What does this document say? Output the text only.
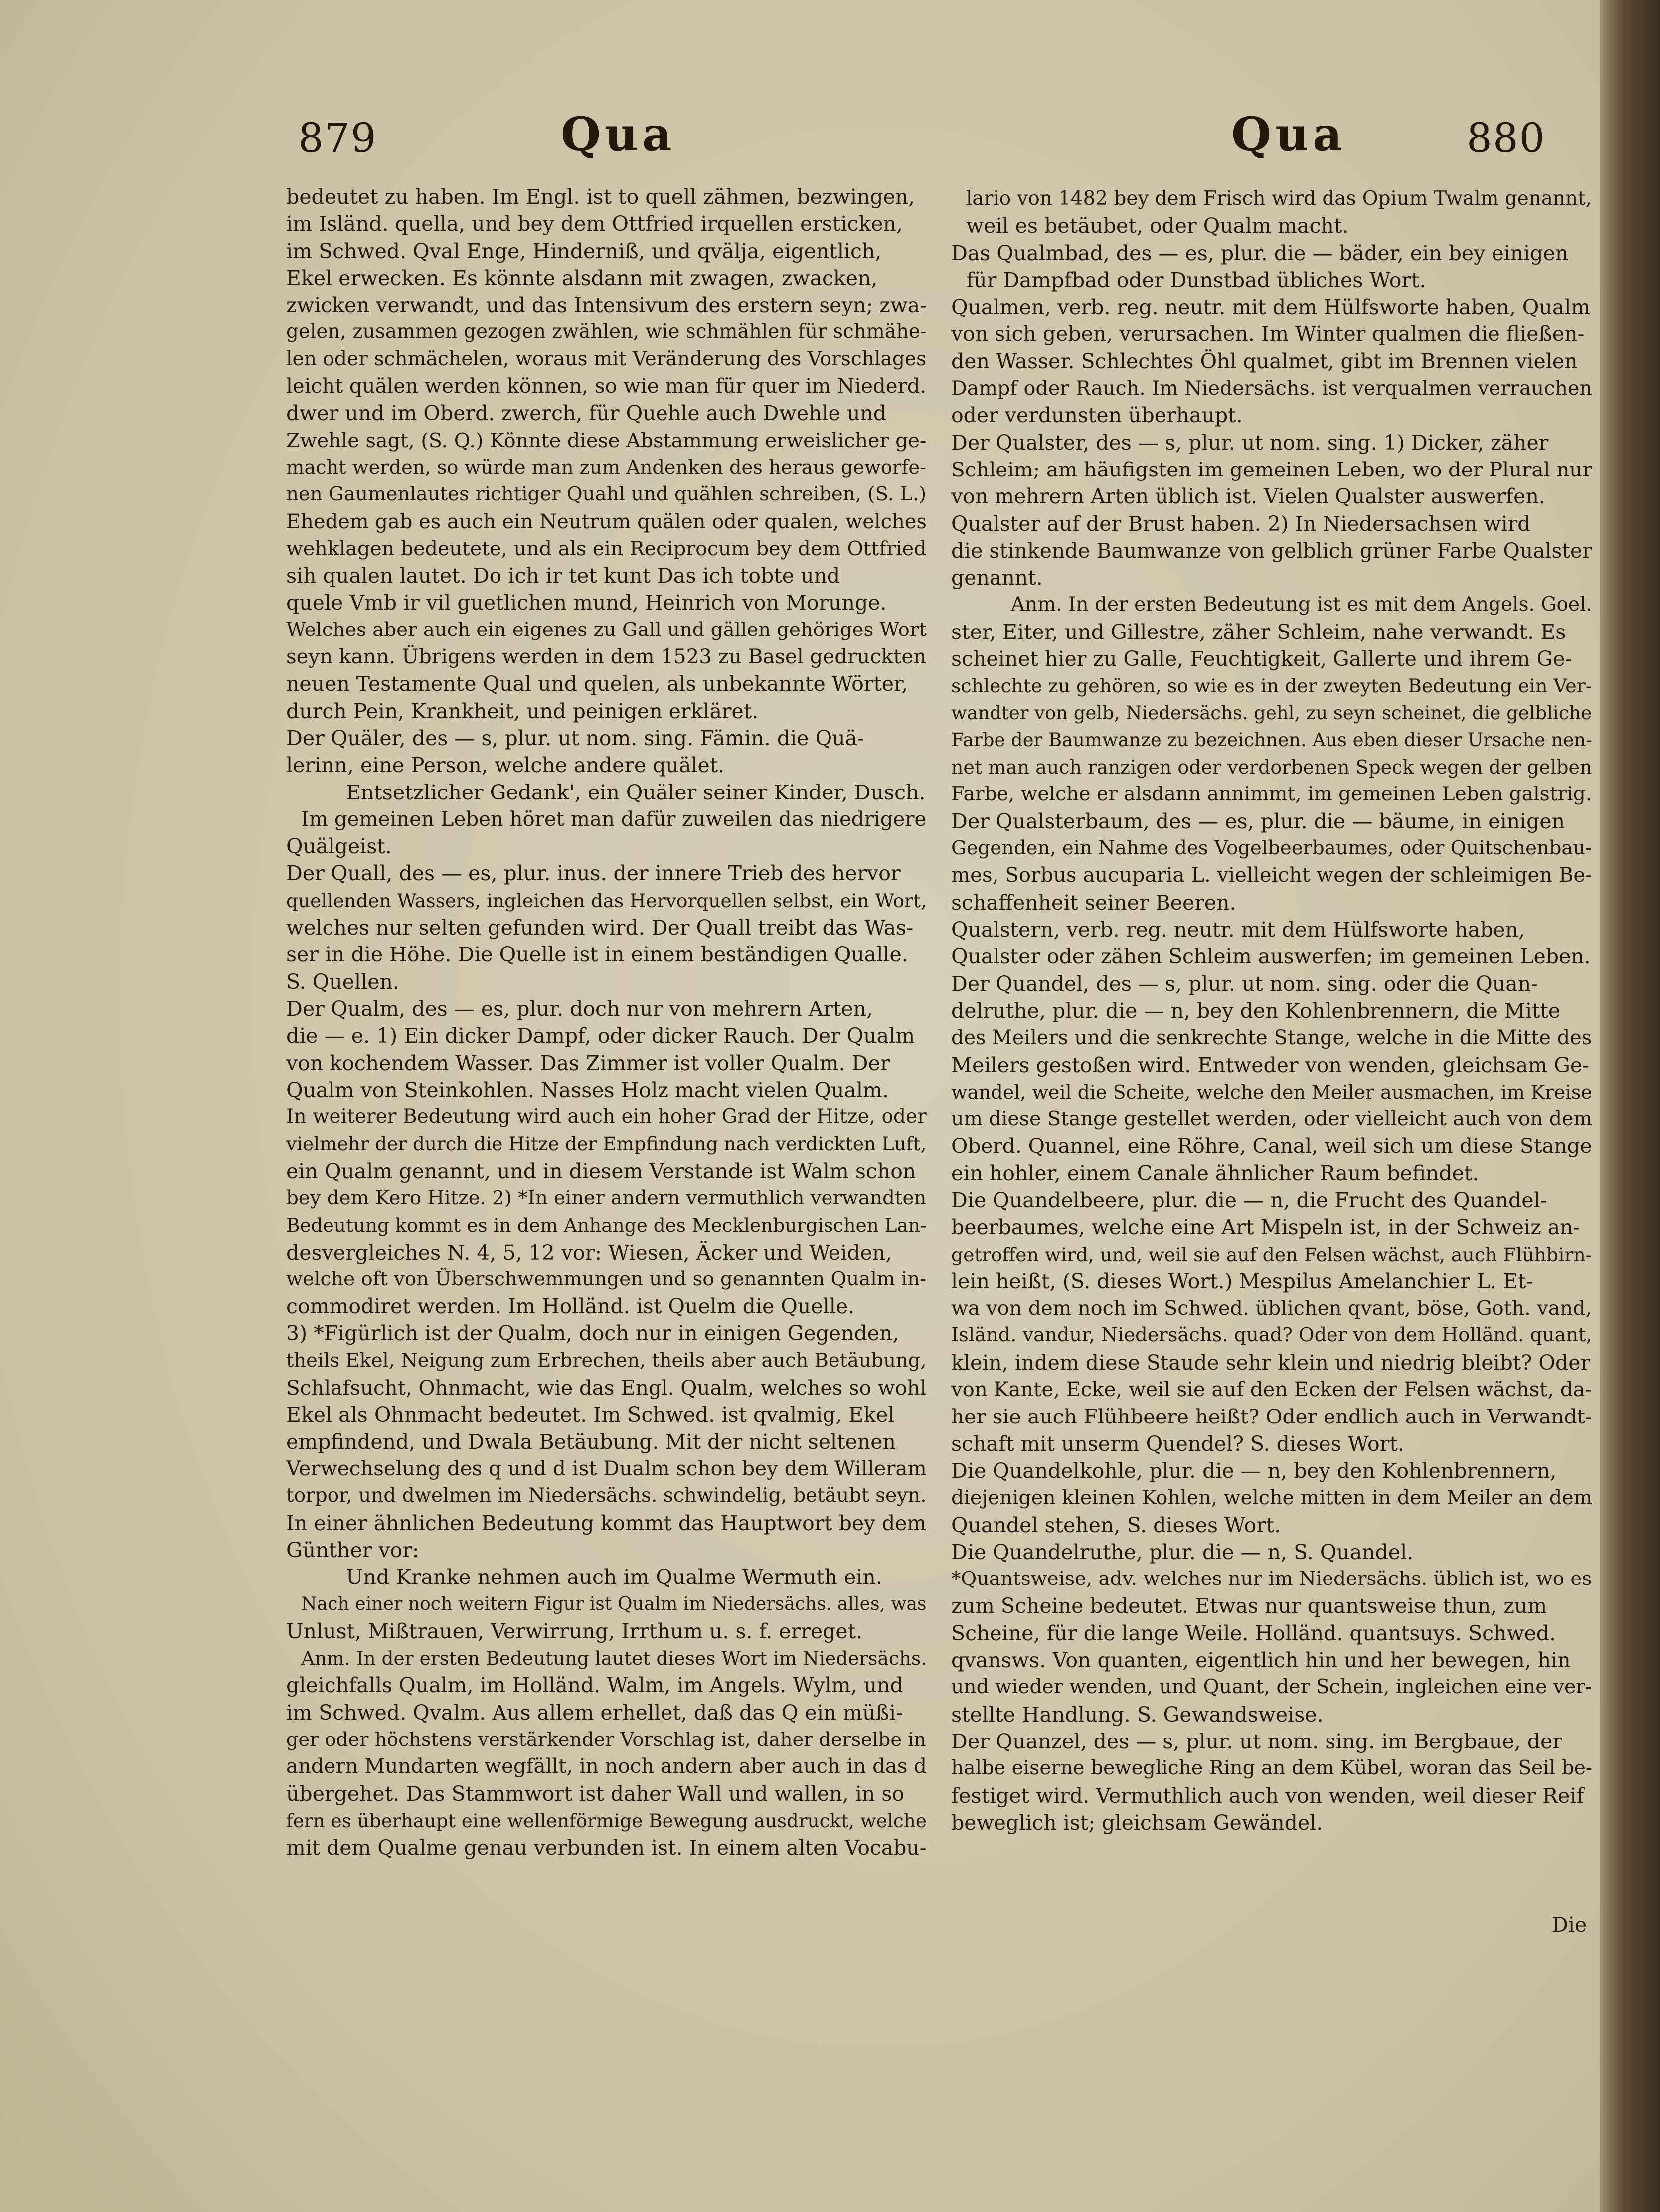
879	Qua	Qua	880

bedeutet zu haben. Im Engl. ist to quell zähmen, bezwingen,

im Isländ. quella, und bey dem Ottfried irquellen ersticken,

im Schwed. Qval Enge, Hinderniß, und qvälja, eigentlich,

Ekel erwecken. Es könnte alsdann mit zwagen, zwacken,

zwicken verwandt, und das Intensivum des erstern seyn; zwa-

gelen, zusammen gezogen zwählen, wie schmählen für schmähe-

len oder schmächelen, woraus mit Veränderung des Vorschlages

leicht quälen werden können, so wie man für quer im Niederd.

dwer und im Oberd. zwerch, für Quehle auch Dwehle und

Zwehle sagt, (S. Q.) Könnte diese Abstammung erweislicher ge-

macht werden, so würde man zum Andenken des heraus geworfe-

nen Gaumenlautes richtiger Quahl und quählen schreiben, (S. L.)

Ehedem gab es auch ein Neutrum quälen oder qualen, welches

wehklagen bedeutete, und als ein Reciprocum bey dem Ottfried

sih qualen lautet. Do ich ir tet kunt Das ich tobte und

quele Vmb ir vil guetlichen mund, Heinrich von Morunge.

Welches aber auch ein eigenes zu Gall und gällen gehöriges Wort

seyn kann. Übrigens werden in dem 1523 zu Basel gedruckten

neuen Testamente Qual und quelen, als unbekannte Wörter,

durch Pein, Krankheit, und peinigen erkläret.

Der Quäler, des — s, plur. ut nom. sing. Fämin. die Quä-

lerinn, eine Person, welche andere quälet.

Entsetzlicher Gedank', ein Quäler seiner Kinder, Dusch.

Im gemeinen Leben höret man dafür zuweilen das niedrigere

Quälgeist.

Der Quall, des — es, plur. inus. der innere Trieb des hervor

quellenden Wassers, ingleichen das Hervorquellen selbst, ein Wort,

welches nur selten gefunden wird. Der Quall treibt das Was-

ser in die Höhe. Die Quelle ist in einem beständigen Qualle.

S. Quellen.

Der Qualm, des — es, plur. doch nur von mehrern Arten,

die — e. 1) Ein dicker Dampf, oder dicker Rauch. Der Qualm

von kochendem Wasser. Das Zimmer ist voller Qualm. Der

Qualm von Steinkohlen. Nasses Holz macht vielen Qualm.

In weiterer Bedeutung wird auch ein hoher Grad der Hitze, oder

vielmehr der durch die Hitze der Empfindung nach verdickten Luft,

ein Qualm genannt, und in diesem Verstande ist Walm schon

bey dem Kero Hitze. 2) *In einer andern vermuthlich verwandten

Bedeutung kommt es in dem Anhange des Mecklenburgischen Lan-

desvergleiches N. 4, 5, 12 vor: Wiesen, Äcker und Weiden,

welche oft von Überschwemmungen und so genannten Qualm in-

commodiret werden. Im Holländ. ist Quelm die Quelle.

3) *Figürlich ist der Qualm, doch nur in einigen Gegenden,

theils Ekel, Neigung zum Erbrechen, theils aber auch Betäubung,

Schlafsucht, Ohnmacht, wie das Engl. Qualm, welches so wohl

Ekel als Ohnmacht bedeutet. Im Schwed. ist qvalmig, Ekel

empfindend, und Dwala Betäubung. Mit der nicht seltenen

Verwechselung des q und d ist Dualm schon bey dem Willeram

torpor, und dwelmen im Niedersächs. schwindelig, betäubt seyn.

In einer ähnlichen Bedeutung kommt das Hauptwort bey dem

Günther vor:

Und Kranke nehmen auch im Qualme Wermuth ein.

Nach einer noch weitern Figur ist Qualm im Niedersächs. alles, was

Unlust, Mißtrauen, Verwirrung, Irrthum u. s. f. erreget.

Anm. In der ersten Bedeutung lautet dieses Wort im Niedersächs.

gleichfalls Qualm, im Holländ. Walm, im Angels. Wylm, und

im Schwed. Qvalm. Aus allem erhellet, daß das Q ein müßi-

ger oder höchstens verstärkender Vorschlag ist, daher derselbe in

andern Mundarten wegfällt, in noch andern aber auch in das d

übergehet. Das Stammwort ist daher Wall und wallen, in so

fern es überhaupt eine wellenförmige Bewegung ausdruckt, welche

mit dem Qualme genau verbunden ist. In einem alten Vocabu-

lario von 1482 bey dem Frisch wird das Opium Twalm genannt,

weil es betäubet, oder Qualm macht.

Das Qualmbad, des — es, plur. die — bäder, ein bey einigen

für Dampfbad oder Dunstbad übliches Wort.

Qualmen, verb. reg. neutr. mit dem Hülfsworte haben, Qualm

von sich geben, verursachen. Im Winter qualmen die fließen-

den Wasser. Schlechtes Öhl qualmet, gibt im Brennen vielen

Dampf oder Rauch. Im Niedersächs. ist verqualmen verrauchen

oder verdunsten überhaupt.

Der Qualster, des — s, plur. ut nom. sing. 1) Dicker, zäher

Schleim; am häufigsten im gemeinen Leben, wo der Plural nur

von mehrern Arten üblich ist. Vielen Qualster auswerfen.

Qualster auf der Brust haben. 2) In Niedersachsen wird

die stinkende Baumwanze von gelblich grüner Farbe Qualster

genannt.

Anm. In der ersten Bedeutung ist es mit dem Angels. Goel.

ster, Eiter, und Gillestre, zäher Schleim, nahe verwandt. Es

scheinet hier zu Galle, Feuchtigkeit, Gallerte und ihrem Ge-

schlechte zu gehören, so wie es in der zweyten Bedeutung ein Ver-

wandter von gelb, Niedersächs. gehl, zu seyn scheinet, die gelbliche

Farbe der Baumwanze zu bezeichnen. Aus eben dieser Ursache nen-

net man auch ranzigen oder verdorbenen Speck wegen der gelben

Farbe, welche er alsdann annimmt, im gemeinen Leben galstrig.

Der Qualsterbaum, des — es, plur. die — bäume, in einigen

Gegenden, ein Nahme des Vogelbeerbaumes, oder Quitschenbau-

mes, Sorbus aucuparia L. vielleicht wegen der schleimigen Be-

schaffenheit seiner Beeren.

Qualstern, verb. reg. neutr. mit dem Hülfsworte haben,

Qualster oder zähen Schleim auswerfen; im gemeinen Leben.

Der Quandel, des — s, plur. ut nom. sing. oder die Quan-

delruthe, plur. die — n, bey den Kohlenbrennern, die Mitte

des Meilers und die senkrechte Stange, welche in die Mitte des

Meilers gestoßen wird. Entweder von wenden, gleichsam Ge-

wandel, weil die Scheite, welche den Meiler ausmachen, im Kreise

um diese Stange gestellet werden, oder vielleicht auch von dem

Oberd. Quannel, eine Röhre, Canal, weil sich um diese Stange

ein hohler, einem Canale ähnlicher Raum befindet.

Die Quandelbeere, plur. die — n, die Frucht des Quandel-

beerbaumes, welche eine Art Mispeln ist, in der Schweiz an-

getroffen wird, und, weil sie auf den Felsen wächst, auch Flühbirn-

lein heißt, (S. dieses Wort.) Mespilus Amelanchier L. Et-

wa von dem noch im Schwed. üblichen qvant, böse, Goth. vand,

Isländ. vandur, Niedersächs. quad? Oder von dem Holländ. quant,

klein, indem diese Staude sehr klein und niedrig bleibt? Oder

von Kante, Ecke, weil sie auf den Ecken der Felsen wächst, da-

her sie auch Flühbeere heißt? Oder endlich auch in Verwandt-

schaft mit unserm Quendel? S. dieses Wort.

Die Quandelkohle, plur. die — n, bey den Kohlenbrennern,

diejenigen kleinen Kohlen, welche mitten in dem Meiler an dem

Quandel stehen, S. dieses Wort.

Die Quandelruthe, plur. die — n, S. Quandel.

*Quantsweise, adv. welches nur im Niedersächs. üblich ist, wo es

zum Scheine bedeutet. Etwas nur quantsweise thun, zum

Scheine, für die lange Weile. Holländ. quantsuys. Schwed.

qvansws. Von quanten, eigentlich hin und her bewegen, hin

und wieder wenden, und Quant, der Schein, ingleichen eine ver-

stellte Handlung. S. Gewandsweise.

Der Quanzel, des — s, plur. ut nom. sing. im Bergbaue, der

halbe eiserne bewegliche Ring an dem Kübel, woran das Seil be-

festiget wird. Vermuthlich auch von wenden, weil dieser Reif

beweglich ist; gleichsam Gewändel.

Die
